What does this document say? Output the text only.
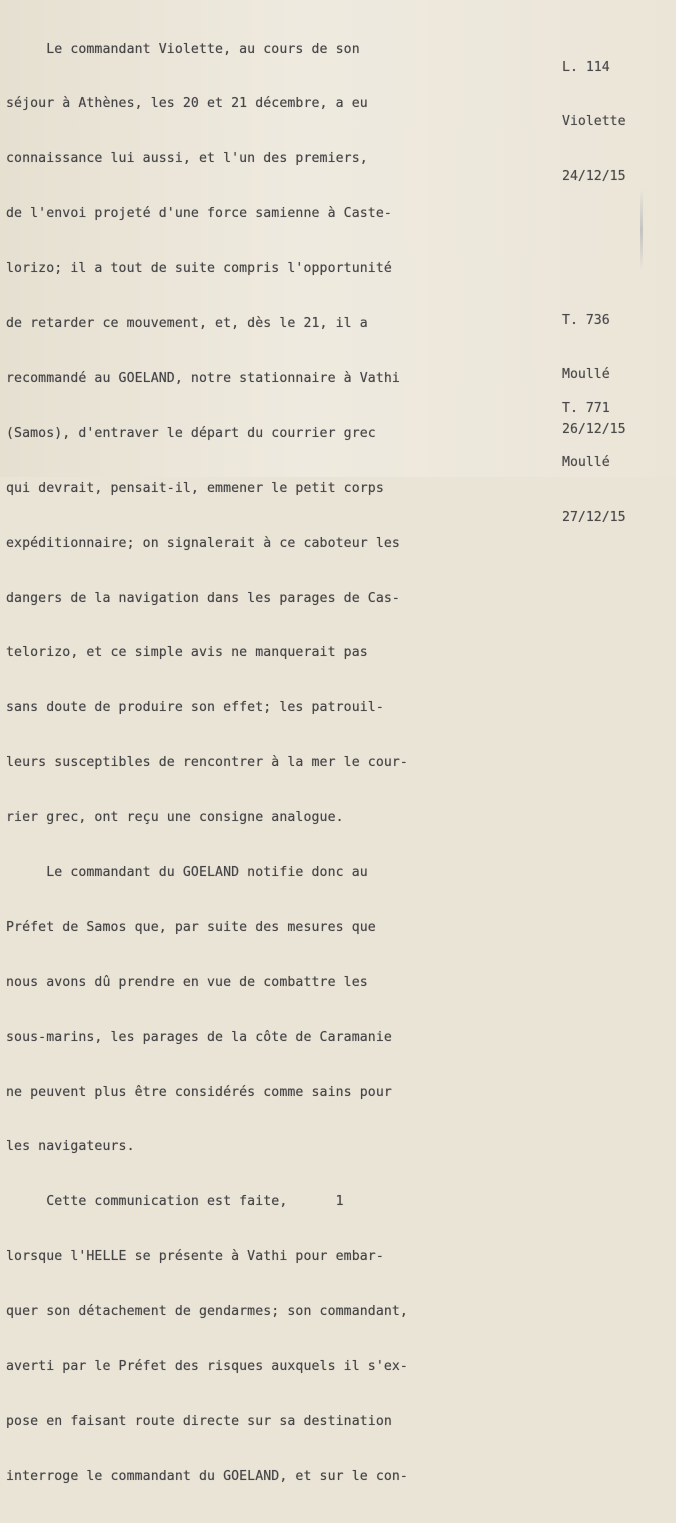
Le commandant Violette, au cours de son

séjour à Athènes, les 20 et 21 décembre, a eu

connaissance lui aussi, et l'un des premiers,

de l'envoi projeté d'une force samienne à Caste-

lorizo; il a tout de suite compris l'opportunité

de retarder ce mouvement, et, dès le 21, il a

recommandé au GOELAND, notre stationnaire à Vathi

(Samos), d'entraver le départ du courrier grec

qui devrait, pensait-il, emmener le petit corps

expéditionnaire; on signalerait à ce caboteur les

dangers de la navigation dans les parages de Cas-

telorizo, et ce simple avis ne manquerait pas

sans doute de produire son effet; les patrouil-

leurs susceptibles de rencontrer à la mer le cour-

rier grec, ont reçu une consigne analogue.

Le commandant du GOELAND notifie donc au

Préfet de Samos que, par suite des mesures que

nous avons dû prendre en vue de combattre les

sous-marins, les parages de la côte de Caramanie

ne peuvent plus être considérés comme sains pour

les navigateurs.

Cette communication est faite,      1

lorsque l'HELLE se présente à Vathi pour embar-

quer son détachement de gendarmes; son commandant,

averti par le Préfet des risques auxquels il s'ex-

pose en faisant route directe sur sa destination

interroge le commandant du GOELAND, et sur le con-

L. 114

Violette

24/12/15

T. 736

Moullé

26/12/15

T. 771

Moullé

27/12/15
